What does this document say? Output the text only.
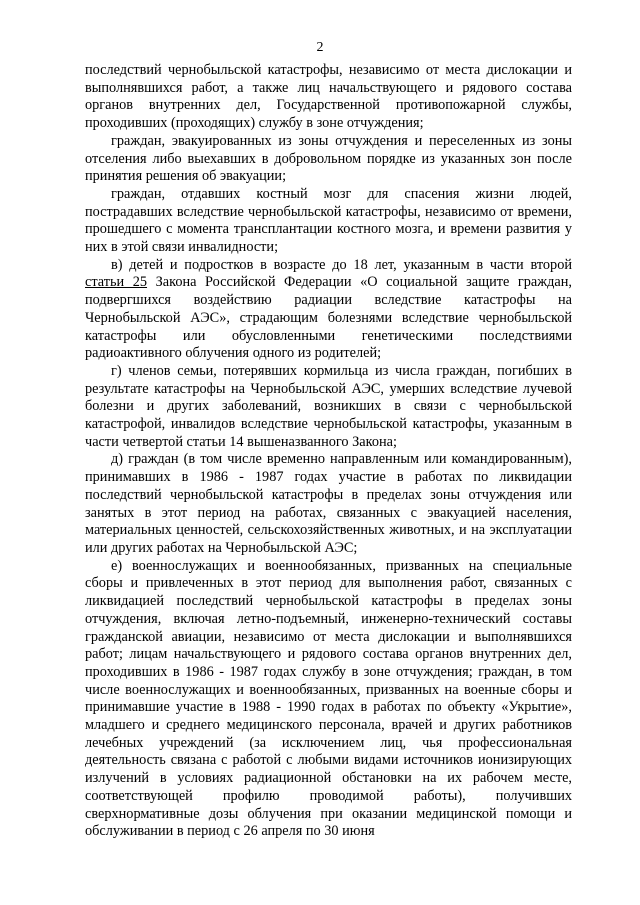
2

последствий чернобыльской катастрофы, независимо от места дислокации и выполнявшихся работ, а также лиц начальствующего и рядового состава органов внутренних дел, Государственной противопожарной службы, проходивших (проходящих) службу в зоне отчуждения;

граждан, эвакуированных из зоны отчуждения и переселенных из зоны отселения либо выехавших в добровольном порядке из указанных зон после принятия решения об эвакуации;

граждан, отдавших костный мозг для спасения жизни людей, пострадавших вследствие чернобыльской катастрофы, независимо от времени, прошедшего с момента трансплантации костного мозга, и времени развития у них в этой связи инвалидности;

в) детей и подростков в возрасте до 18 лет, указанным в части второй статьи 25 Закона Российской Федерации «О социальной защите граждан, подвергшихся воздействию радиации вследствие катастрофы на Чернобыльской АЭС», страдающим болезнями вследствие чернобыльской катастрофы или обусловленными генетическими последствиями радиоактивного облучения одного из родителей;

г) членов семьи, потерявших кормильца из числа граждан, погибших в результате катастрофы на Чернобыльской АЭС, умерших вследствие лучевой болезни и других заболеваний, возникших в связи с чернобыльской катастрофой, инвалидов вследствие чернобыльской катастрофы, указанным в части четвертой статьи 14 вышеназванного Закона;

д) граждан (в том числе временно направленным или командированным), принимавших в 1986 - 1987 годах участие в работах по ликвидации последствий чернобыльской катастрофы в пределах зоны отчуждения или занятых в этот период на работах, связанных с эвакуацией населения, материальных ценностей, сельскохозяйственных животных, и на эксплуатации или других работах на Чернобыльской АЭС;

е) военнослужащих и военнообязанных, призванных на специальные сборы и привлеченных в этот период для выполнения работ, связанных с ликвидацией последствий чернобыльской катастрофы в пределах зоны отчуждения, включая летно-подъемный, инженерно-технический составы гражданской авиации, независимо от места дислокации и выполнявшихся работ; лицам начальствующего и рядового состава органов внутренних дел, проходивших в 1986 - 1987 годах службу в зоне отчуждения; граждан, в том числе военнослужащих и военнообязанных, призванных на военные сборы и принимавшие участие в 1988 - 1990 годах в работах по объекту «Укрытие», младшего и среднего медицинского персонала, врачей и других работников лечебных учреждений (за исключением лиц, чья профессиональная деятельность связана с работой с любыми видами источников ионизирующих излучений в условиях радиационной обстановки на их рабочем месте, соответствующей профилю проводимой работы), получивших сверхнормативные дозы облучения при оказании медицинской помощи и обслуживании в период с 26 апреля по 30 июня
